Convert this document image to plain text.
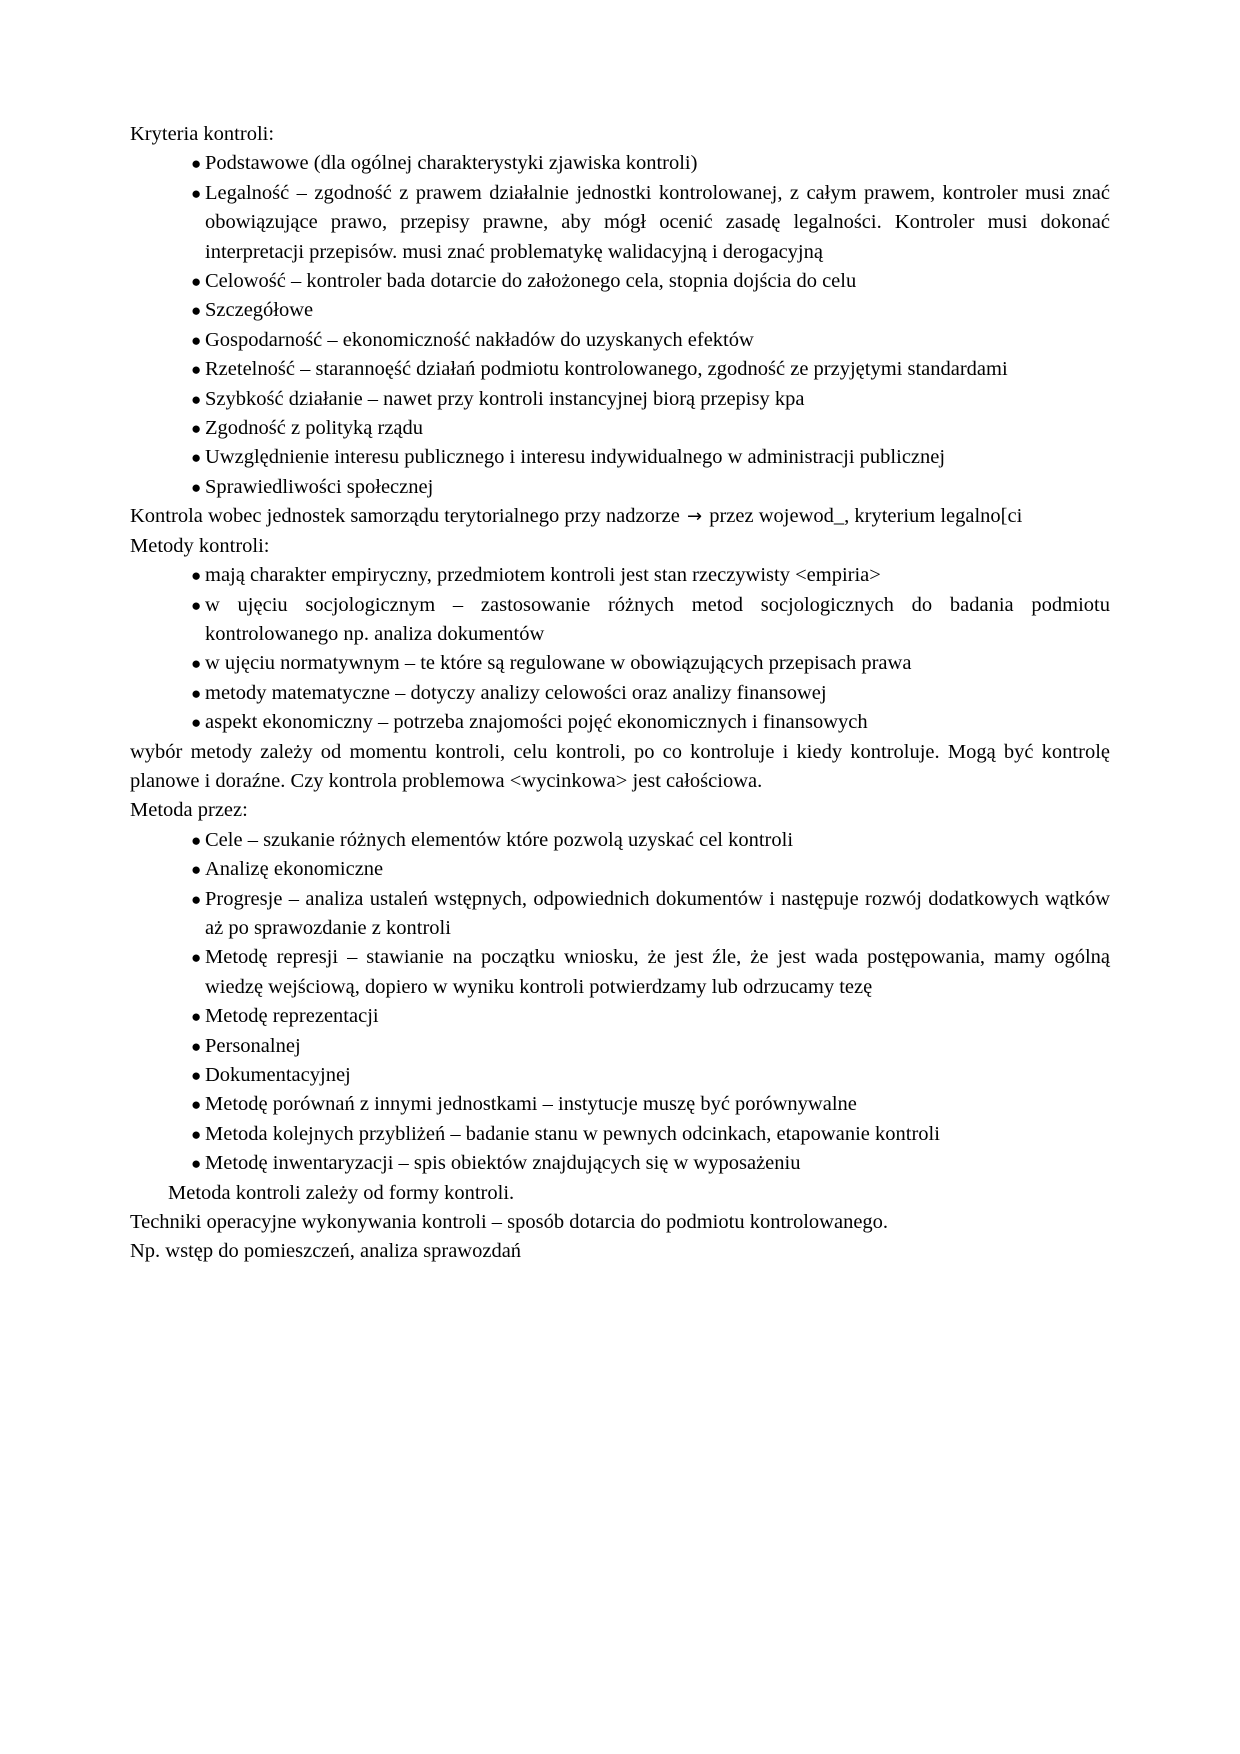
Kryteria kontroli:

● Podstawowe (dla ogólnej charakterystyki zjawiska kontroli)

● Legalność – zgodność z prawem działalnie jednostki kontrolowanej, z całym prawem, kontroler musi znać obowiązujące prawo, przepisy prawne, aby mógł ocenić zasadę legalności. Kontroler musi dokonać interpretacji przepisów. musi znać problematykę walidacyjną i derogacyjną

● Celowość – kontroler bada dotarcie do założonego cela, stopnia dojścia do celu

● Szczegółowe

● Gospodarność – ekonomiczność nakładów do uzyskanych efektów

● Rzetelność – starannoęść działań podmiotu kontrolowanego, zgodność ze przyjętymi standardami

● Szybkość działanie – nawet przy kontroli instancyjnej biorą przepisy kpa

● Zgodność z polityką rządu

● Uwzględnienie interesu publicznego i interesu indywidualnego w administracji publicznej

● Sprawiedliwości społecznej

Kontrola wobec jednostek samorządu terytorialnego przy nadzorze → przez wojewod_, kryterium legalno[ci

Metody kontroli:

● mają charakter empiryczny, przedmiotem kontroli jest stan rzeczywisty <empiria>

● w ujęciu socjologicznym – zastosowanie różnych metod socjologicznych do badania podmiotu kontrolowanego np. analiza dokumentów

● w ujęciu normatywnym – te które są regulowane w obowiązujących przepisach prawa

● metody matematyczne – dotyczy analizy celowości oraz analizy finansowej

● aspekt ekonomiczny – potrzeba znajomości pojęć ekonomicznych i finansowych

wybór metody zależy od momentu kontroli, celu kontroli, po co kontroluje i kiedy kontroluje. Mogą być kontrolę planowe i doraźne. Czy kontrola problemowa <wycinkowa> jest całościowa.

Metoda przez:

● Cele – szukanie różnych elementów które pozwolą uzyskać cel kontroli

● Analizę ekonomiczne

● Progresje – analiza ustaleń wstępnych, odpowiednich dokumentów i następuje rozwój dodatkowych wątków aż po sprawozdanie z kontroli

● Metodę represji – stawianie na początku wniosku, że jest źle, że jest wada postępowania, mamy ogólną wiedzę wejściową, dopiero w wyniku kontroli potwierdzamy lub odrzucamy tezę

● Metodę reprezentacji

● Personalnej

● Dokumentacyjnej

● Metodę porównań z innymi jednostkami – instytucje muszę być porównywalne

● Metoda kolejnych przybliżeń – badanie stanu w pewnych odcinkach, etapowanie kontroli

● Metodę inwentaryzacji – spis obiektów znajdujących się w wyposażeniu

Metoda kontroli zależy od formy kontroli.

Techniki operacyjne wykonywania kontroli – sposób dotarcia do podmiotu kontrolowanego.

Np. wstęp do pomieszczeń, analiza sprawozdań
